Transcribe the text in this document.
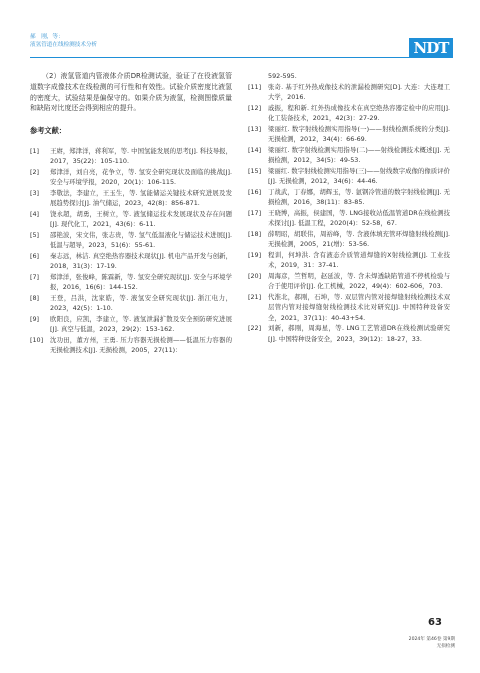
郝　刚，等：
液氢管道在线检测技术分析	NDT

（2）液氢管道内管液体介质DR检测试验，验证了在役液氢管道数字成像技术在线检测的可行性和有效性。试验介质密度比液氢的密度大，试验结果是偏保守的。如果介质为液氢，检测图像质量和缺陷对比度还会得到相应的提升。

参考文献：
[1]	王赓，郑津洋，蒋利军，等. 中国氢能发展的思考[J]. 科技导报，2017，35(22)：105-110.
[2]	郑津洋，刘自亮，花争立，等. 氢安全研究现状及面临的挑战[J]. 安全与环境学报，2020，20(1)：106-115.
[3]	李敬法，李建立，王玉生，等. 氢能储运关键技术研究进展及发展趋势探讨[J]. 油气储运，2023，42(8)：856-871.
[4]	饶永超，胡勇，王树立，等. 液氢储运技术发展现状及存在问题[J]. 现代化工，2021，43(6)：6-11.
[5]	邵艳波，宋文伟，张志贵，等. 氢气低温液化与储运技术进展[J]. 低温与超导，2023，51(6)：55-61.
[6]	秦志远，林洁. 真空绝热容器技术现状[J]. 机电产品开发与创新，2018，31(3)：17-19.
[7]	郑津洋，张俊峰，陈霖新，等. 氢安全研究现状[J]. 安全与环境学报，2016，16(6)：144-152.
[8]	王登，吕洪，沈家皓，等. 液氢安全研究现状[J]. 浙江电力，2023，42(5)：1-10.
[9]	欧阳良，应凯，李建立，等. 液氢泄漏扩散及安全预防研究进展[J]. 真空与低温，2023，29(2)：153-162.
[10]	沈功田，董方州，王勇. 压力容器无损检测——低温压力容器的无损检测技术[J]. 无损检测，2005，27(11)：
592-595.
[11]	张奇. 基于红外热成像技术的泄漏检测研究[D]. 大连：大连理工大学，2016.
[12]	戚振，程和新. 红外热成像技术在真空绝热容器定检中的应用[J]. 化工装备技术，2021，42(3)：27-29.
[13]	梁丽红. 数字射线检测实用指导(一)——射线检测系统的分类[J]. 无损检测，2012，34(4)：66-69.
[14]	梁丽红. 数字射线检测实用指导(二)——射线检测技术概述[J]. 无损检测，2012，34(5)：49-53.
[15]	梁丽红. 数字射线检测实用指导(三)——射线数字成像的像质评价[J]. 无损检测，2012，34(6)：44-46.
[16]	丁战武，丁春娜，胡辉玉，等. 氩钢冷管道的数字射线检测[J]. 无损检测，2016，38(11)：83-85.
[17]	王晓博，高振，侯建国，等. LNG接收站低温管道DR在线检测技术探讨[J]. 低温工程，2020(4)：52-58，67.
[18]	薛明昭，胡联伟，周裕峰，等. 含液体填充管环焊缝射线检测[J]. 无损检测，2005，21(增)：53-56.
[19]	程训，何坤洪. 含有液态介质管道焊缝的X射线检测[J]. 工业技术，2019，31：37-41.
[20]	周海彦，竺哲明，赵延波，等. 含未焊透缺陷管道不停机检验与合于使用评价[J]. 化工机械，2022，49(4)：602-606，703.
[21]	代淮北，郝刚，石坤，等. 双层管内管对接焊缝射线检测技术双层管内管对接焊缝射线检测技术比对研究[J]. 中国特种设备安全，2021，37(11)：40-43+54.
[22]	刘新，郝刚，周海星，等. LNG工艺管道DR在线检测试验研究[J]. 中国特种设备安全，2023，39(12)：18-27，33.
63
2024年 第46卷 第9期
无损检测
